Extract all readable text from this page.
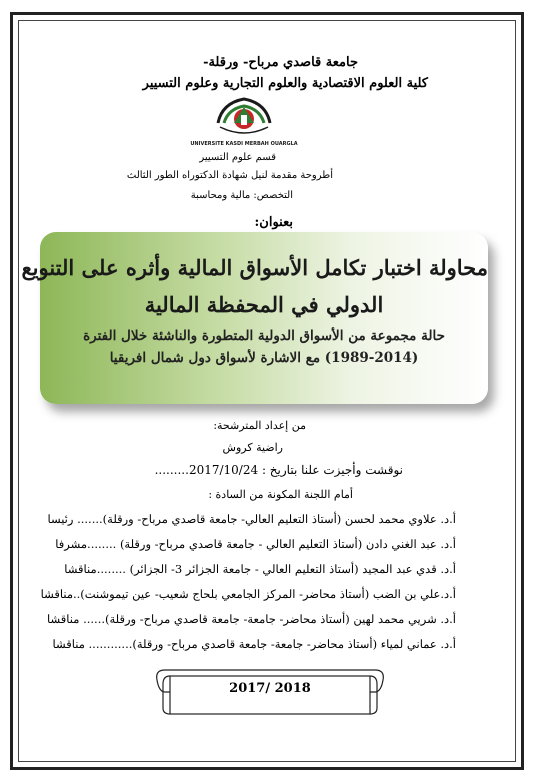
جامعة قاصدي مرباح- ورقلة-
كلية العلوم الاقتصادية والعلوم التجارية وعلوم التسيير
UNIVERSITE KASDI MERBAH OUARGLA
قسم علوم التسيير
أطروحة مقدمة لنيل شهادة الدكتوراه الطور الثالث
التخصص: مالية ومحاسبة
بعنوان:
محاولة اختبار تكامل الأسواق المالية وأثره على التنويع
الدولي في المحفظة المالية
حالة مجموعة من الأسواق الدولية المتطورة والناشئة خلال الفترة
(1989-2014) مع الاشارة لأسواق دول شمال افريقيا
من إعداد المترشحة:
راضية كروش
نوقشت وأجيزت علنا بتاريخ : 2017/10/24.........
أمام اللجنة المكونة من السادة :
أ.د. علاوي محمد لحسن (أستاذ التعليم العالي- جامعة قاصدي مرباح- ورقلة)....... رئيسا
أ.د. عبد الغني دادن (أستاذ التعليم العالي - جامعة قاصدي مرباح- ورقلة) ........مشرفا
أ.د. قدي عبد المجيد (أستاذ التعليم العالي - جامعة الجزائر 3- الجزائر) ........مناقشا
أ.د.علي بن الضب (أستاذ محاضر- المركز الجامعي بلحاج شعيب- عين تيموشنت)..مناقشا
أ.د. شريي محمد لهين (أستاذ محاضر- جامعة- جامعة قاصدي مرباح- ورقلة)...... مناقشا
أ.د. عماني لمياء (أستاذ محاضر- جامعة- جامعة قاصدي مرباح- ورقلة)............ مناقشا
2018 /2017
